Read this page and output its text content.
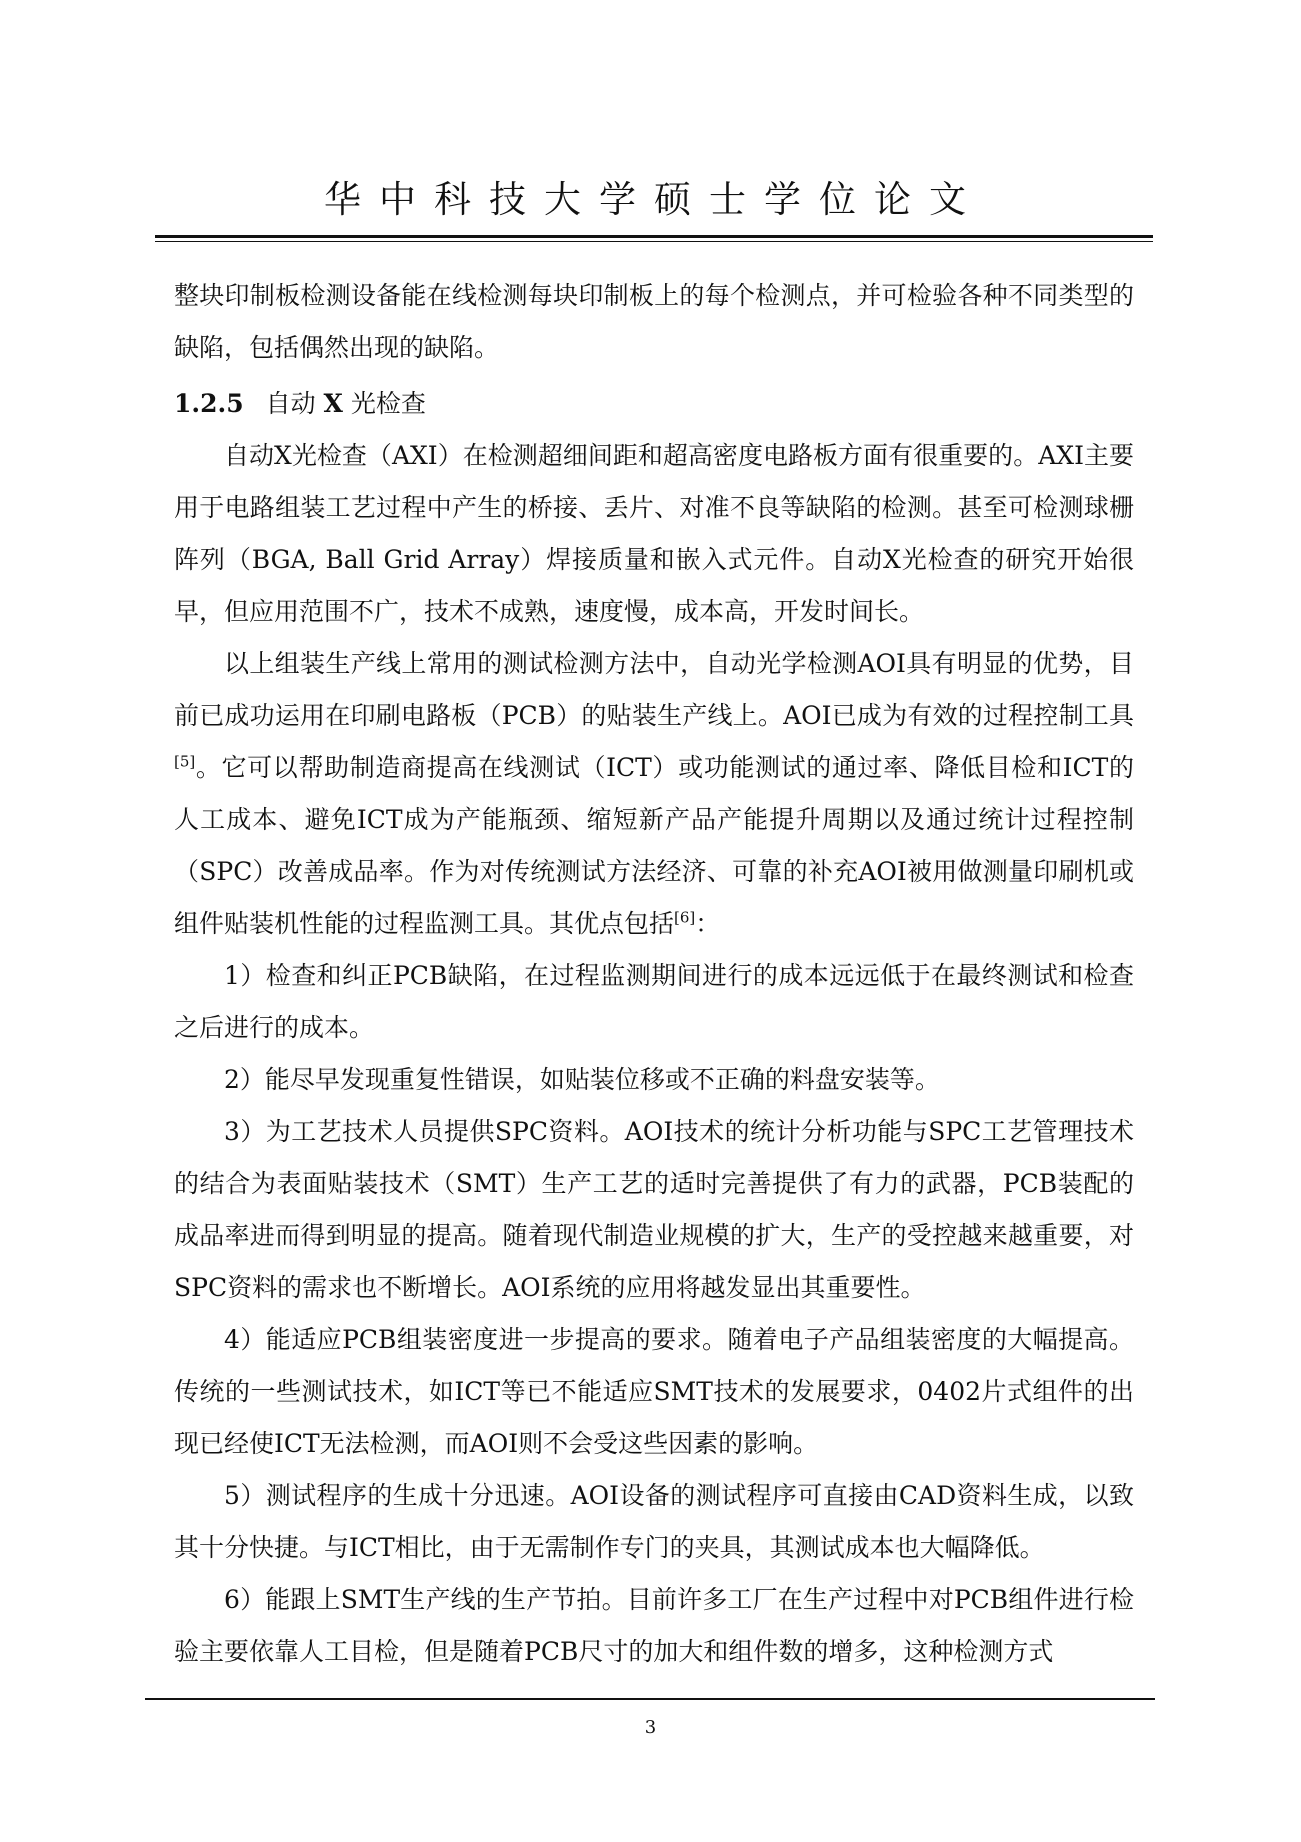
华中科技大学硕士学位论文

整块印制板检测设备能在线检测每块印制板上的每个检测点，并可检验各种不同类型的缺陷，包括偶然出现的缺陷。

1.2.5 自动 X 光检查

自动X光检查（AXI）在检测超细间距和超高密度电路板方面有很重要的。AXI主要用于电路组装工艺过程中产生的桥接、丢片、对准不良等缺陷的检测。甚至可检测球栅阵列（BGA, Ball Grid Array）焊接质量和嵌入式元件。自动X光检查的研究开始很早，但应用范围不广，技术不成熟，速度慢，成本高，开发时间长。

以上组装生产线上常用的测试检测方法中，自动光学检测AOI具有明显的优势，目前已成功运用在印刷电路板（PCB）的贴装生产线上。AOI已成为有效的过程控制工具[5]。它可以帮助制造商提高在线测试（ICT）或功能测试的通过率、降低目检和ICT的人工成本、避免ICT成为产能瓶颈、缩短新产品产能提升周期以及通过统计过程控制（SPC）改善成品率。作为对传统测试方法经济、可靠的补充AOI被用做测量印刷机或组件贴装机性能的过程监测工具。其优点包括[6]：

1）检查和纠正PCB缺陷，在过程监测期间进行的成本远远低于在最终测试和检查之后进行的成本。

2）能尽早发现重复性错误，如贴装位移或不正确的料盘安装等。

3）为工艺技术人员提供SPC资料。AOI技术的统计分析功能与SPC工艺管理技术的结合为表面贴装技术（SMT）生产工艺的适时完善提供了有力的武器，PCB装配的成品率进而得到明显的提高。随着现代制造业规模的扩大，生产的受控越来越重要，对SPC资料的需求也不断增长。AOI系统的应用将越发显出其重要性。

4）能适应PCB组装密度进一步提高的要求。随着电子产品组装密度的大幅提高。传统的一些测试技术，如ICT等已不能适应SMT技术的发展要求，0402片式组件的出现已经使ICT无法检测，而AOI则不会受这些因素的影响。

5）测试程序的生成十分迅速。AOI设备的测试程序可直接由CAD资料生成，以致其十分快捷。与ICT相比，由于无需制作专门的夹具，其测试成本也大幅降低。

6）能跟上SMT生产线的生产节拍。目前许多工厂在生产过程中对PCB组件进行检验主要依靠人工目检，但是随着PCB尺寸的加大和组件数的增多，这种检测方式

3
